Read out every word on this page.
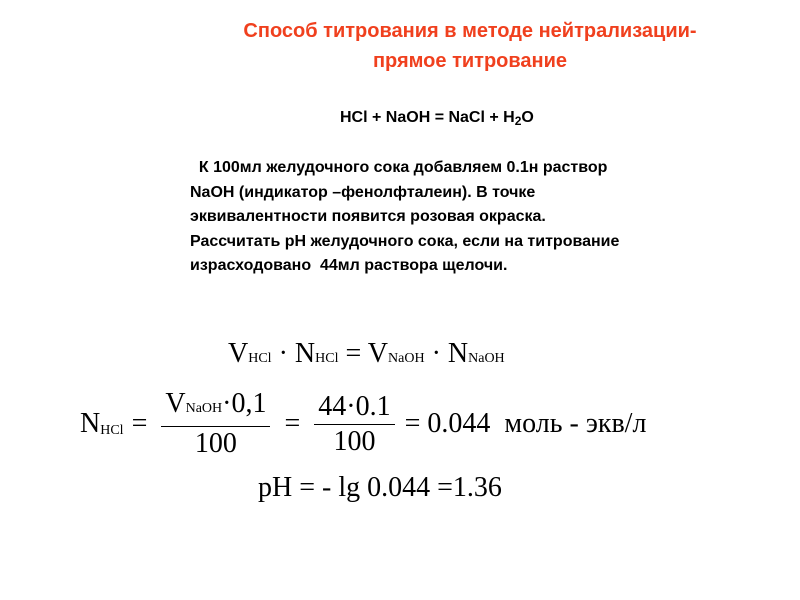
Способ титрования в методе нейтрализации-
прямое титрование
HCl + NaOH = NaCl + $H_2O$

К 100мл желудочного сока добавляем 0.1н раствор

NaOH (индикатор –фенолфталеин). В точке

эквивалентности появится розовая окраска.

Рассчитать рН желудочного сока, если на титрование

израсходовано  44мл раствора щелочи.

VHCl · NHCl = VNaOH · NNaOH
N HCl = $\frac{\text{VNaOH·0,1}}{100} = \frac{44\cdot 0.1}{100} = 0.044$ моль - экв/л
pH = - lg 0.044 =1.36
